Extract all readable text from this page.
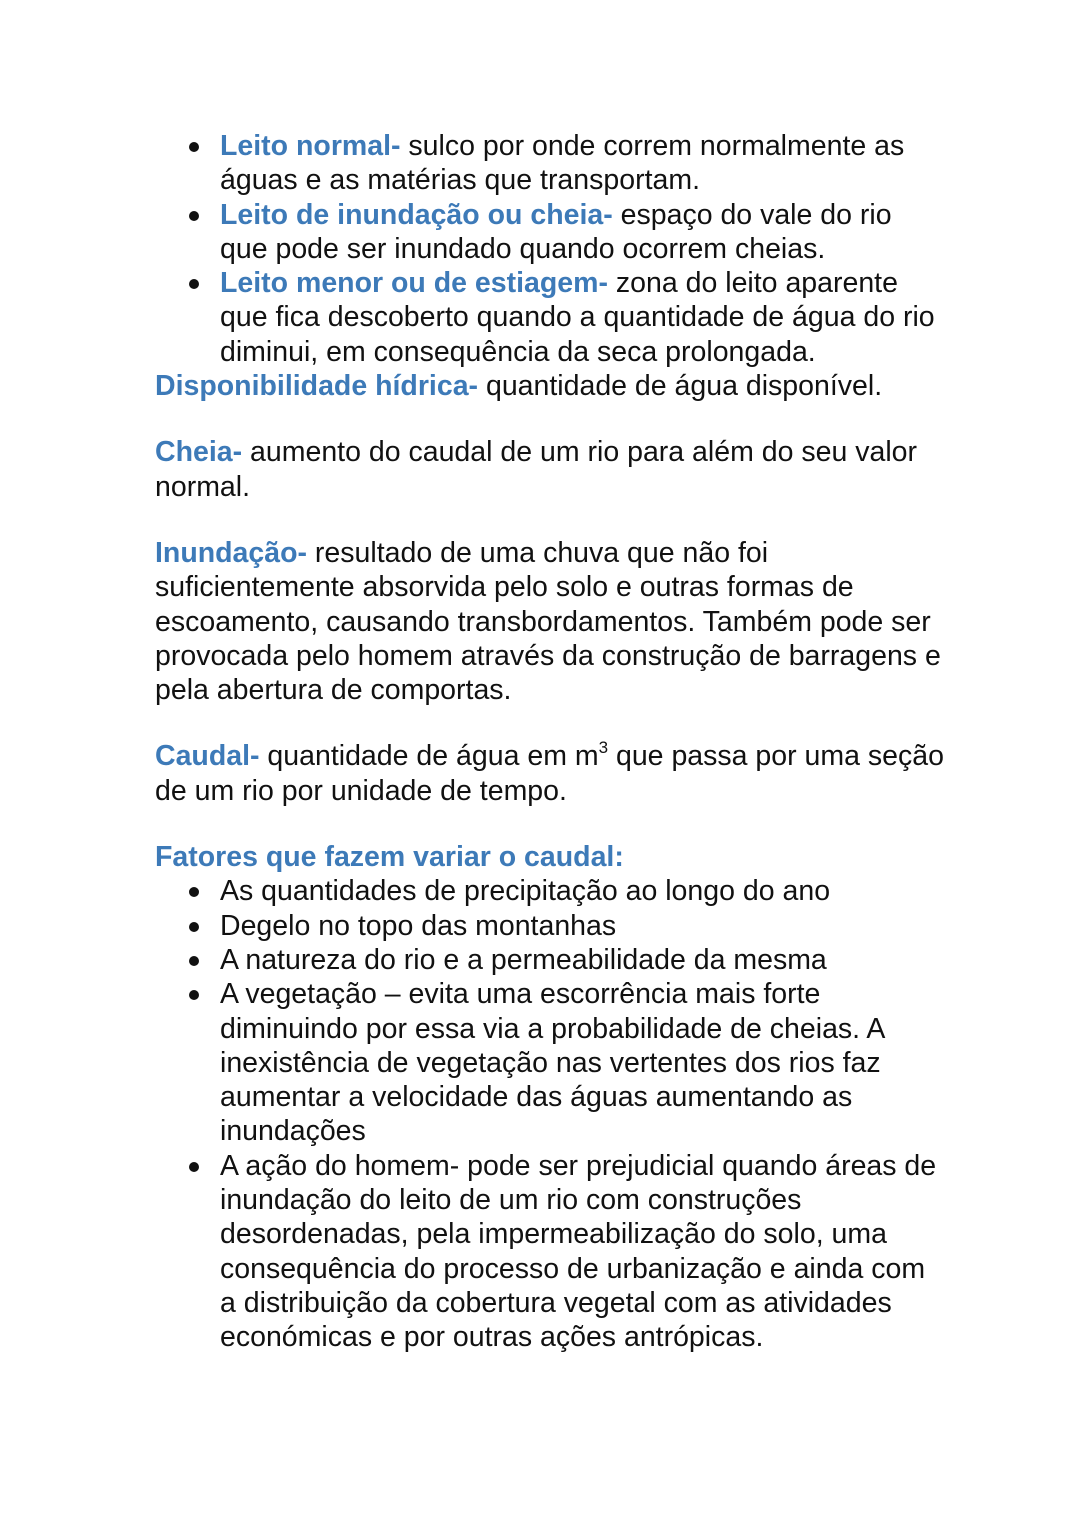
Leito normal- sulco por onde correm normalmente as águas e as matérias que transportam.
Leito de inundação ou cheia- espaço do vale do rio que pode ser inundado quando ocorrem cheias.
Leito menor ou de estiagem- zona do leito aparente que fica descoberto quando a quantidade de água do rio diminui, em consequência da seca prolongada.

Disponibilidade hídrica- quantidade de água disponível.

Cheia- aumento do caudal de um rio para além do seu valor normal.

Inundação- resultado de uma chuva que não foi suficientemente absorvida pelo solo e outras formas de escoamento, causando transbordamentos. Também pode ser provocada pelo homem através da construção de barragens e pela abertura de comportas.

Caudal- quantidade de água em $m^3$ que passa por uma seção de um rio por unidade de tempo.

Fatores que fazem variar o caudal:
As quantidades de precipitação ao longo do ano
Degelo no topo das montanhas
A natureza do rio e a permeabilidade da mesma
A vegetação – evita uma escorrência mais forte diminuindo por essa via a probabilidade de cheias. A inexistência de vegetação nas vertentes dos rios faz aumentar a velocidade das águas aumentando as inundações
A ação do homem- pode ser prejudicial quando áreas de inundação do leito de um rio com construções desordenadas, pela impermeabilização do solo, uma consequência do processo de urbanização e ainda com a distribuição da cobertura vegetal com as atividades económicas e por outras ações antrópicas.
